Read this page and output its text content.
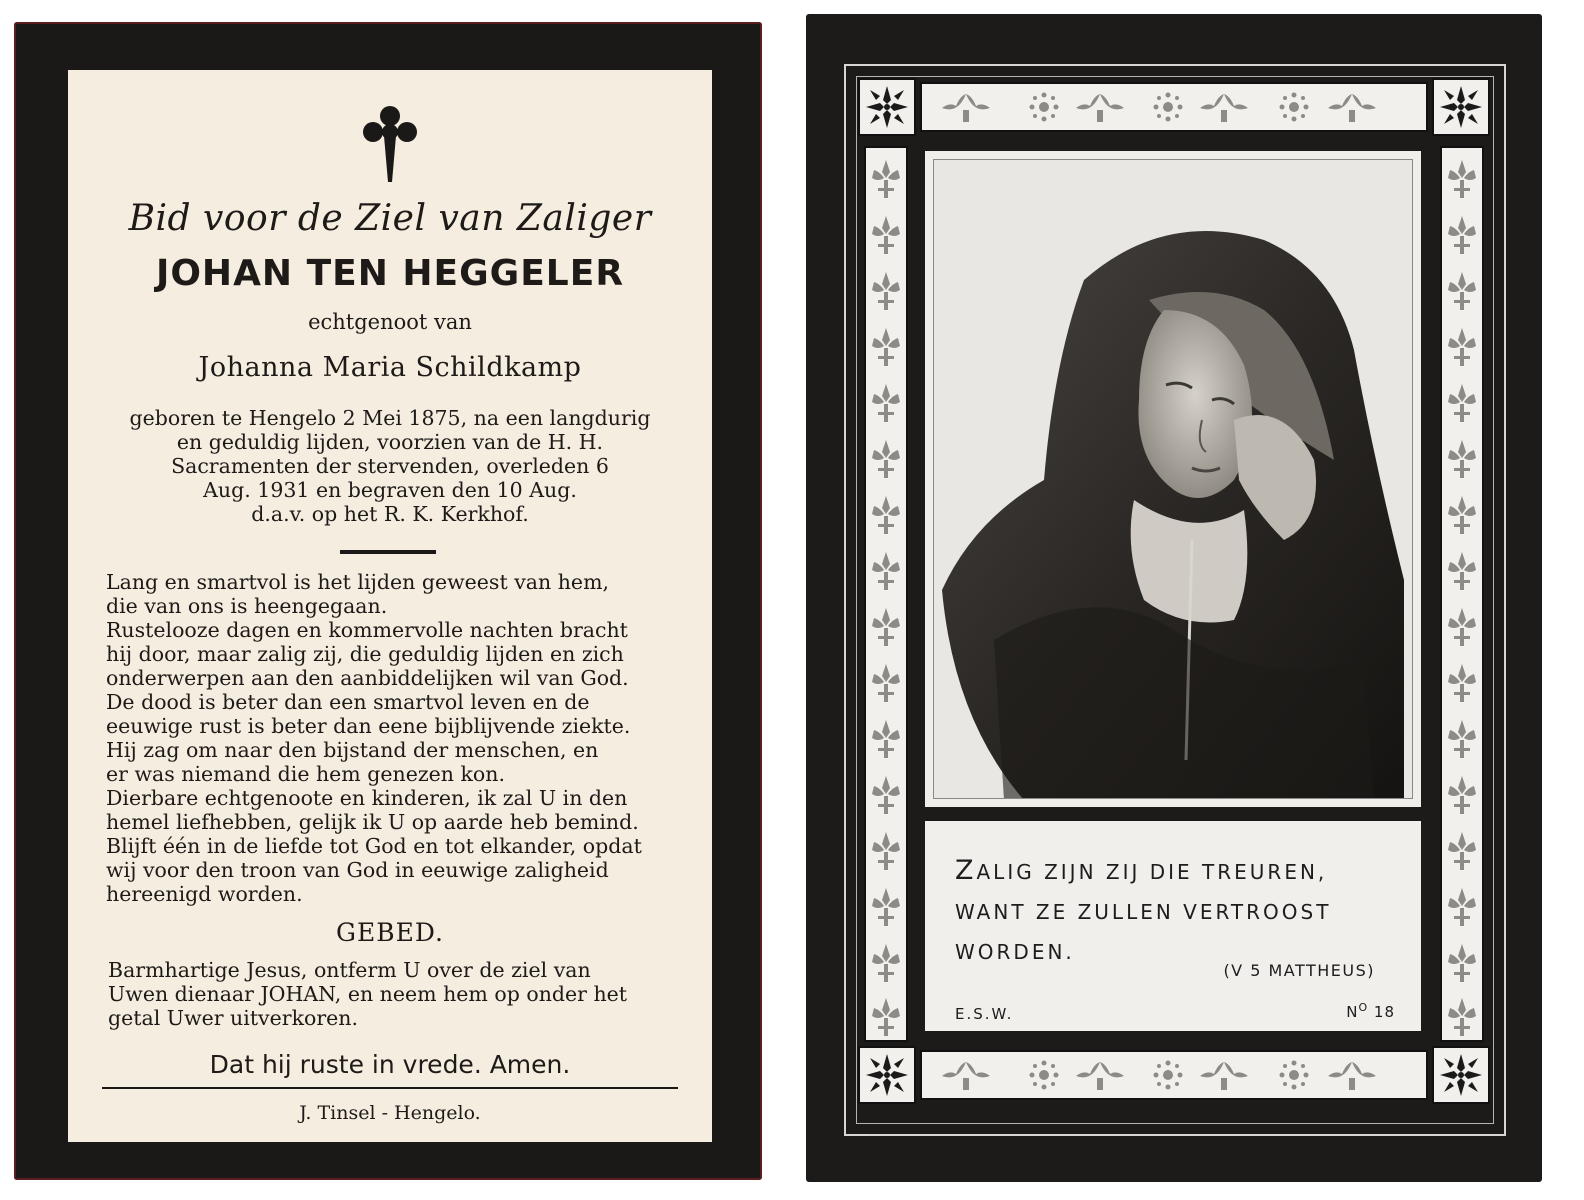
Bid voor de Ziel van Zaliger
JOHAN TEN HEGGELER
echtgenoot van
Johanna Maria Schildkamp
geboren te Hengelo 2 Mei 1875, na een langdurig
en geduldig lijden, voorzien van de H. H.
Sacramenten der stervenden, overleden 6
Aug. 1931 en begraven den 10 Aug.
d.a.v. op het R. K. Kerkhof.
Lang en smartvol is het lijden geweest van hem,
die van ons is heengegaan.
Rustelooze dagen en kommervolle nachten bracht
hij door, maar zalig zij, die geduldig lijden en zich
onderwerpen aan den aanbiddelijken wil van God.
De dood is beter dan een smartvol leven en de
eeuwige rust is beter dan eene bijblijvende ziekte.
Hij zag om naar den bijstand der menschen, en
er was niemand die hem genezen kon.
Dierbare echtgenoote en kinderen, ik zal U in den
hemel liefhebben, gelijk ik U op aarde heb bemind.
Blijft één in de liefde tot God en tot elkander, opdat
wij voor den troon van God in eeuwige zaligheid
hereenigd worden.
GEBED.
Barmhartige Jesus, ontferm U over de ziel van
Uwen dienaar JOHAN, en neem hem op onder het
getal Uwer uitverkoren.
Dat hij ruste in vrede. Amen.
J. Tinsel - Hengelo.
ZALIG ZIJN ZIJ DIE TREUREN,
WANT ZE ZULLEN VERTROOST
WORDEN.
(V 5 MATTHEUS)
E.S.W.	$N^O$ 18
